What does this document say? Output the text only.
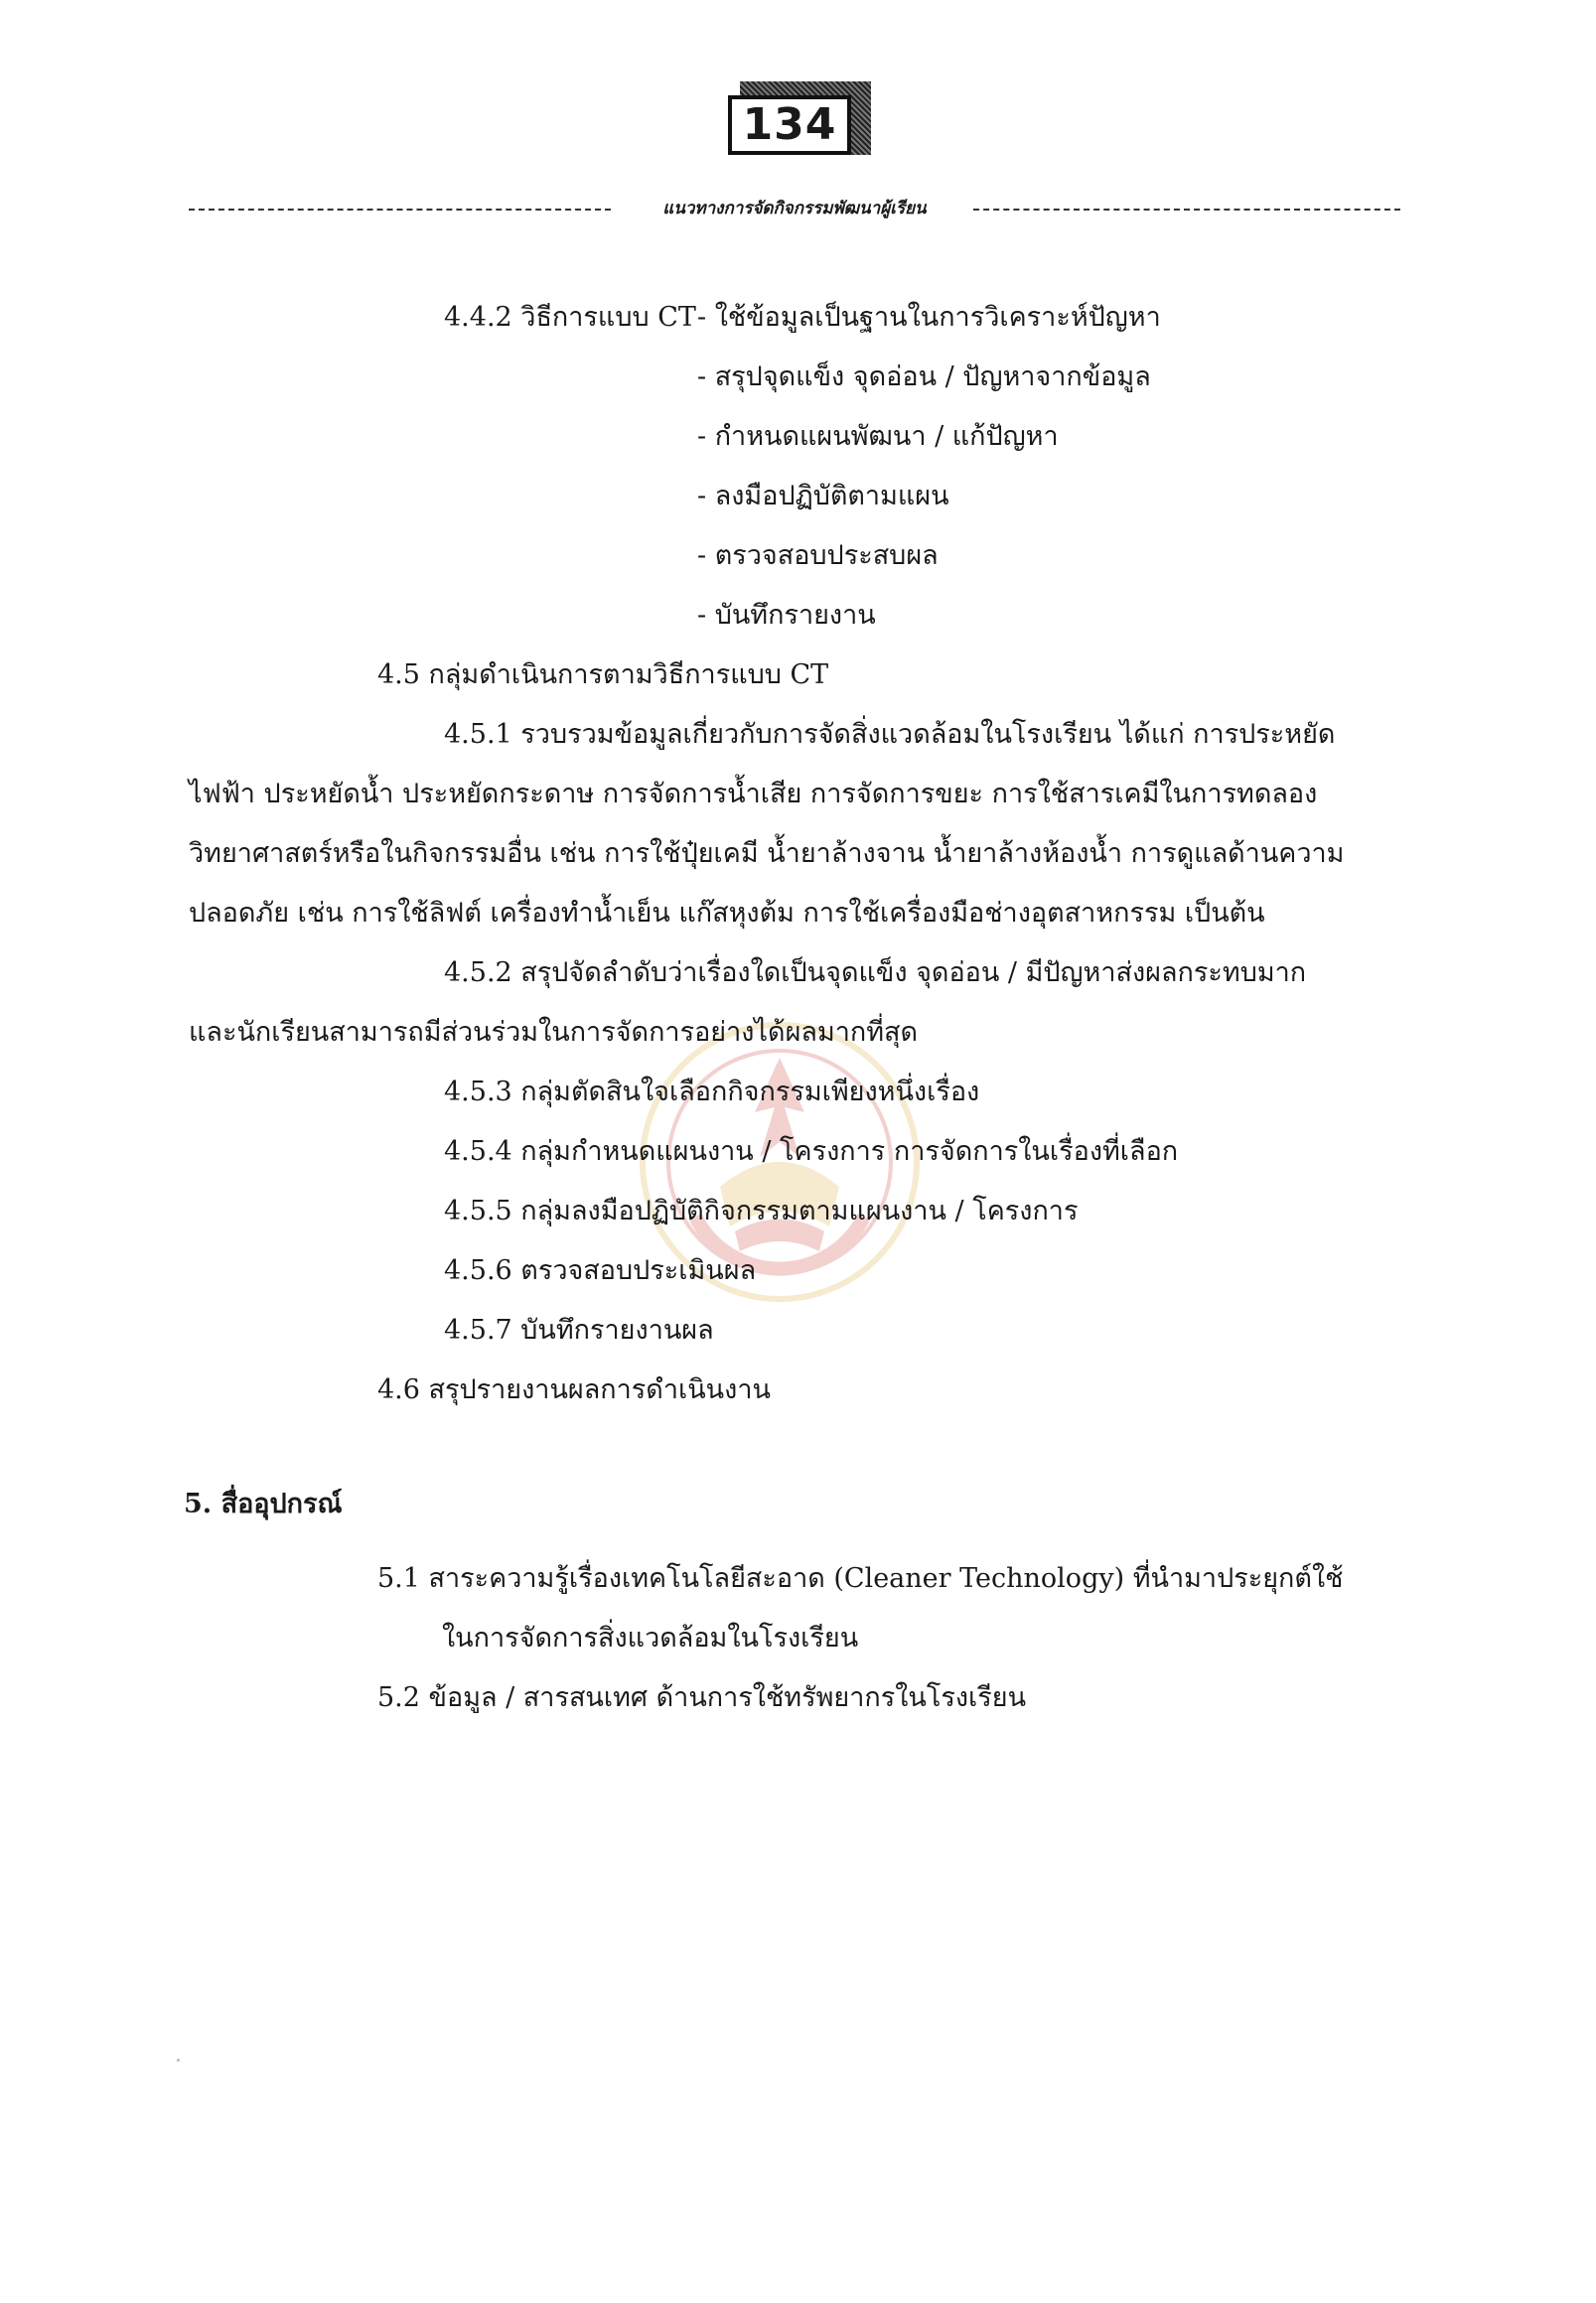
134
แนวทางการจัดกิจกรรมพัฒนาผู้เรียน
4.4.2 วิธีการแบบ CT - ใช้ข้อมูลเป็นฐานในการวิเคราะห์ปัญหา
- สรุปจุดแข็ง จุดอ่อน / ปัญหาจากข้อมูล
- กำหนดแผนพัฒนา / แก้ปัญหา
- ลงมือปฏิบัติตามแผน
- ตรวจสอบประสบผล
- บันทึกรายงาน
4.5 กลุ่มดำเนินการตามวิธีการแบบ CT
4.5.1 รวบรวมข้อมูลเกี่ยวกับการจัดสิ่งแวดล้อมในโรงเรียน ได้แก่ การประหยัด
ไฟฟ้า ประหยัดน้ำ ประหยัดกระดาษ การจัดการน้ำเสีย การจัดการขยะ การใช้สารเคมีในการทดลอง
วิทยาศาสตร์หรือในกิจกรรมอื่น เช่น การใช้ปุ๋ยเคมี น้ำยาล้างจาน น้ำยาล้างห้องน้ำ การดูแลด้านความ
ปลอดภัย เช่น การใช้ลิฟต์ เครื่องทำน้ำเย็น แก๊สหุงต้ม การใช้เครื่องมือช่างอุตสาหกรรม เป็นต้น
4.5.2 สรุปจัดลำดับว่าเรื่องใดเป็นจุดแข็ง จุดอ่อน / มีปัญหาส่งผลกระทบมาก
และนักเรียนสามารถมีส่วนร่วมในการจัดการอย่างได้ผลมากที่สุด
4.5.3 กลุ่มตัดสินใจเลือกกิจกรรมเพียงหนึ่งเรื่อง
4.5.4 กลุ่มกำหนดแผนงาน / โครงการ การจัดการในเรื่องที่เลือก
4.5.5 กลุ่มลงมือปฏิบัติกิจกรรมตามแผนงาน / โครงการ
4.5.6 ตรวจสอบประเมินผล
4.5.7 บันทึกรายงานผล
4.6 สรุปรายงานผลการดำเนินงาน
5. สื่ออุปกรณ์
5.1 สาระความรู้เรื่องเทคโนโลยีสะอาด (Cleaner Technology) ที่นำมาประยุกต์ใช้
ในการจัดการสิ่งแวดล้อมในโรงเรียน
5.2 ข้อมูล / สารสนเทศ ด้านการใช้ทรัพยากรในโรงเรียน
